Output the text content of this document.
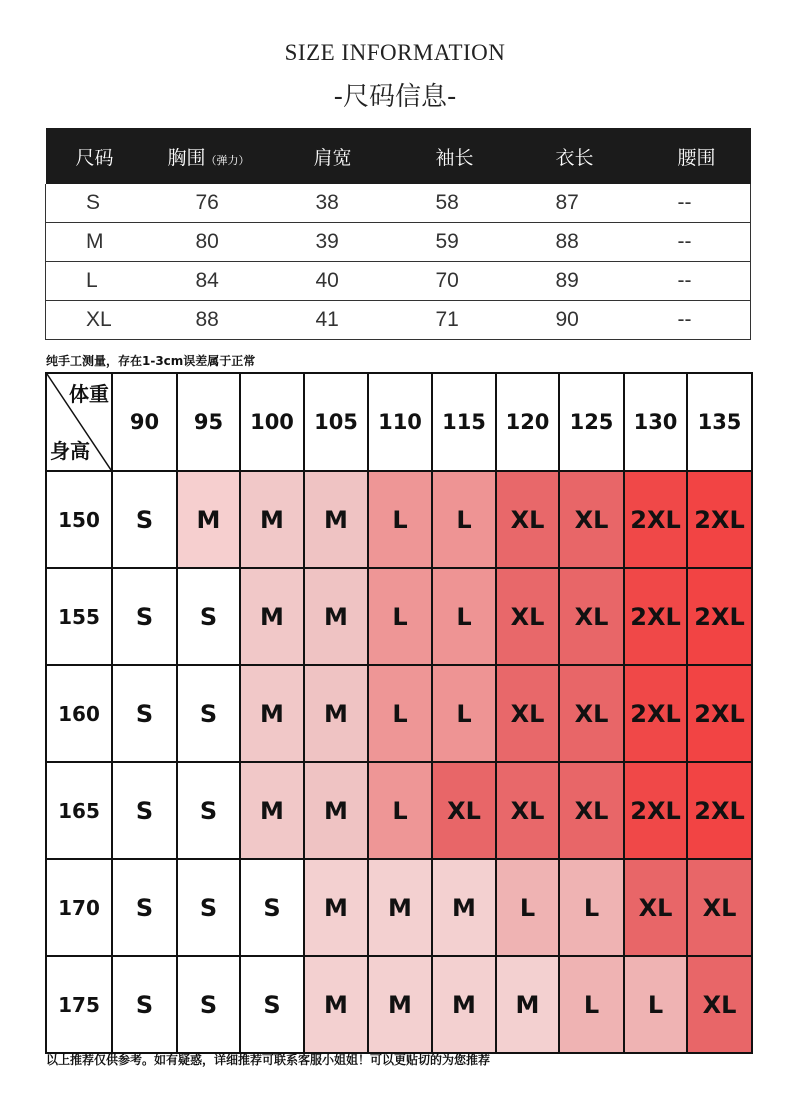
SIZE INFORMATION
-尺码信息-
尺码	胸围（弹力）	肩宽	袖长	衣长	腰围
S	76	38	58	87	--
M	80	39	59	88	--
L	84	40	70	89	--
XL	88	41	71	90	--
纯手工测量，存在1-3cm误差属于正常
体重
身高	90	95	100	105	110	115	120	125	130	135
150	S	M	M	M	L	L	XL	XL	2XL	2XL
155	S	S	M	M	L	L	XL	XL	2XL	2XL
160	S	S	M	M	L	L	XL	XL	2XL	2XL
165	S	S	M	M	L	XL	XL	XL	2XL	2XL
170	S	S	S	M	M	M	L	L	XL	XL
175	S	S	S	M	M	M	M	L	L	XL
以上推荐仅供参考。如有疑惑，详细推荐可联系客服小姐姐！可以更贴切的为您推荐
